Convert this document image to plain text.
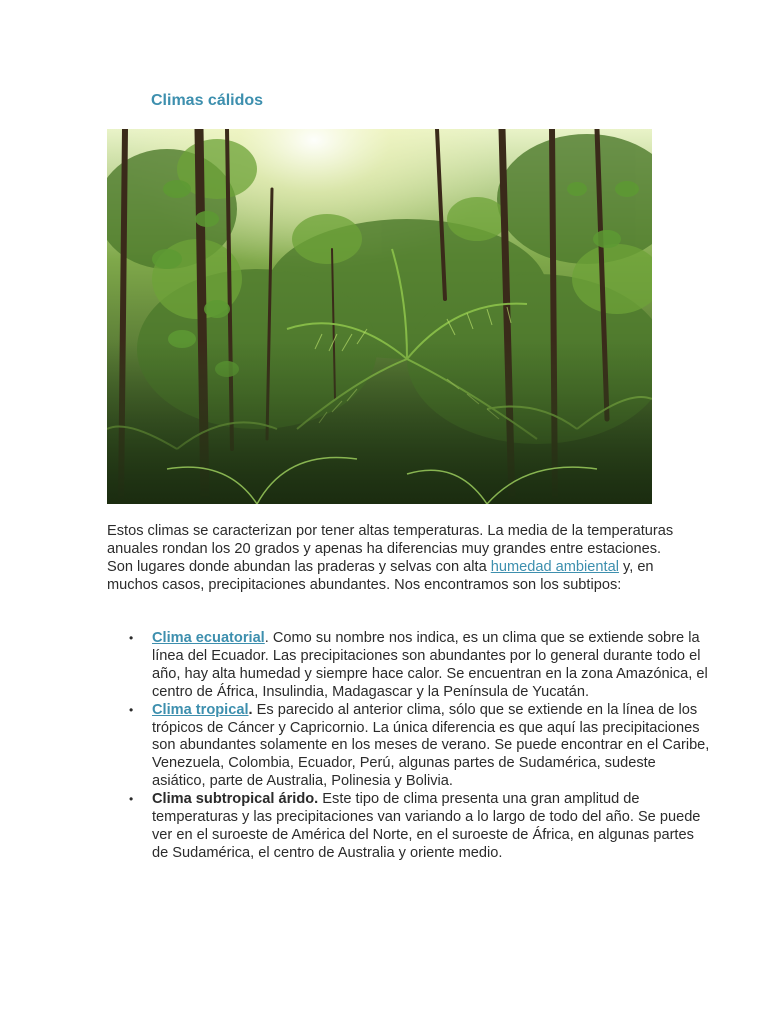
Climas cálidos

Estos climas se caracterizan por tener altas temperaturas. La media de la temperaturas anuales rondan los 20 grados y apenas ha diferencias muy grandes entre estaciones. Son lugares donde abundan las praderas y selvas con alta humedad ambiental y, en muchos casos, precipitaciones abundantes. Nos encontramos son los subtipos:

• Clima ecuatorial. Como su nombre nos indica, es un clima que se extiende sobre la línea del Ecuador. Las precipitaciones son abundantes por lo general durante todo el año, hay alta humedad y siempre hace calor. Se encuentran en la zona Amazónica, el centro de África, Insulindia, Madagascar y la Península de Yucatán.
• Clima tropical. Es parecido al anterior clima, sólo que se extiende en la línea de los trópicos de Cáncer y Capricornio. La única diferencia es que aquí las precipitaciones son abundantes solamente en los meses de verano. Se puede encontrar en el Caribe, Venezuela, Colombia, Ecuador, Perú, algunas partes de Sudamérica, sudeste asiático, parte de Australia, Polinesia y Bolivia.
• Clima subtropical árido. Este tipo de clima presenta una gran amplitud de temperaturas y las precipitaciones van variando a lo largo de todo del año. Se puede ver en el suroeste de América del Norte, en el suroeste de África, en algunas partes de Sudamérica, el centro de Australia y oriente medio.
